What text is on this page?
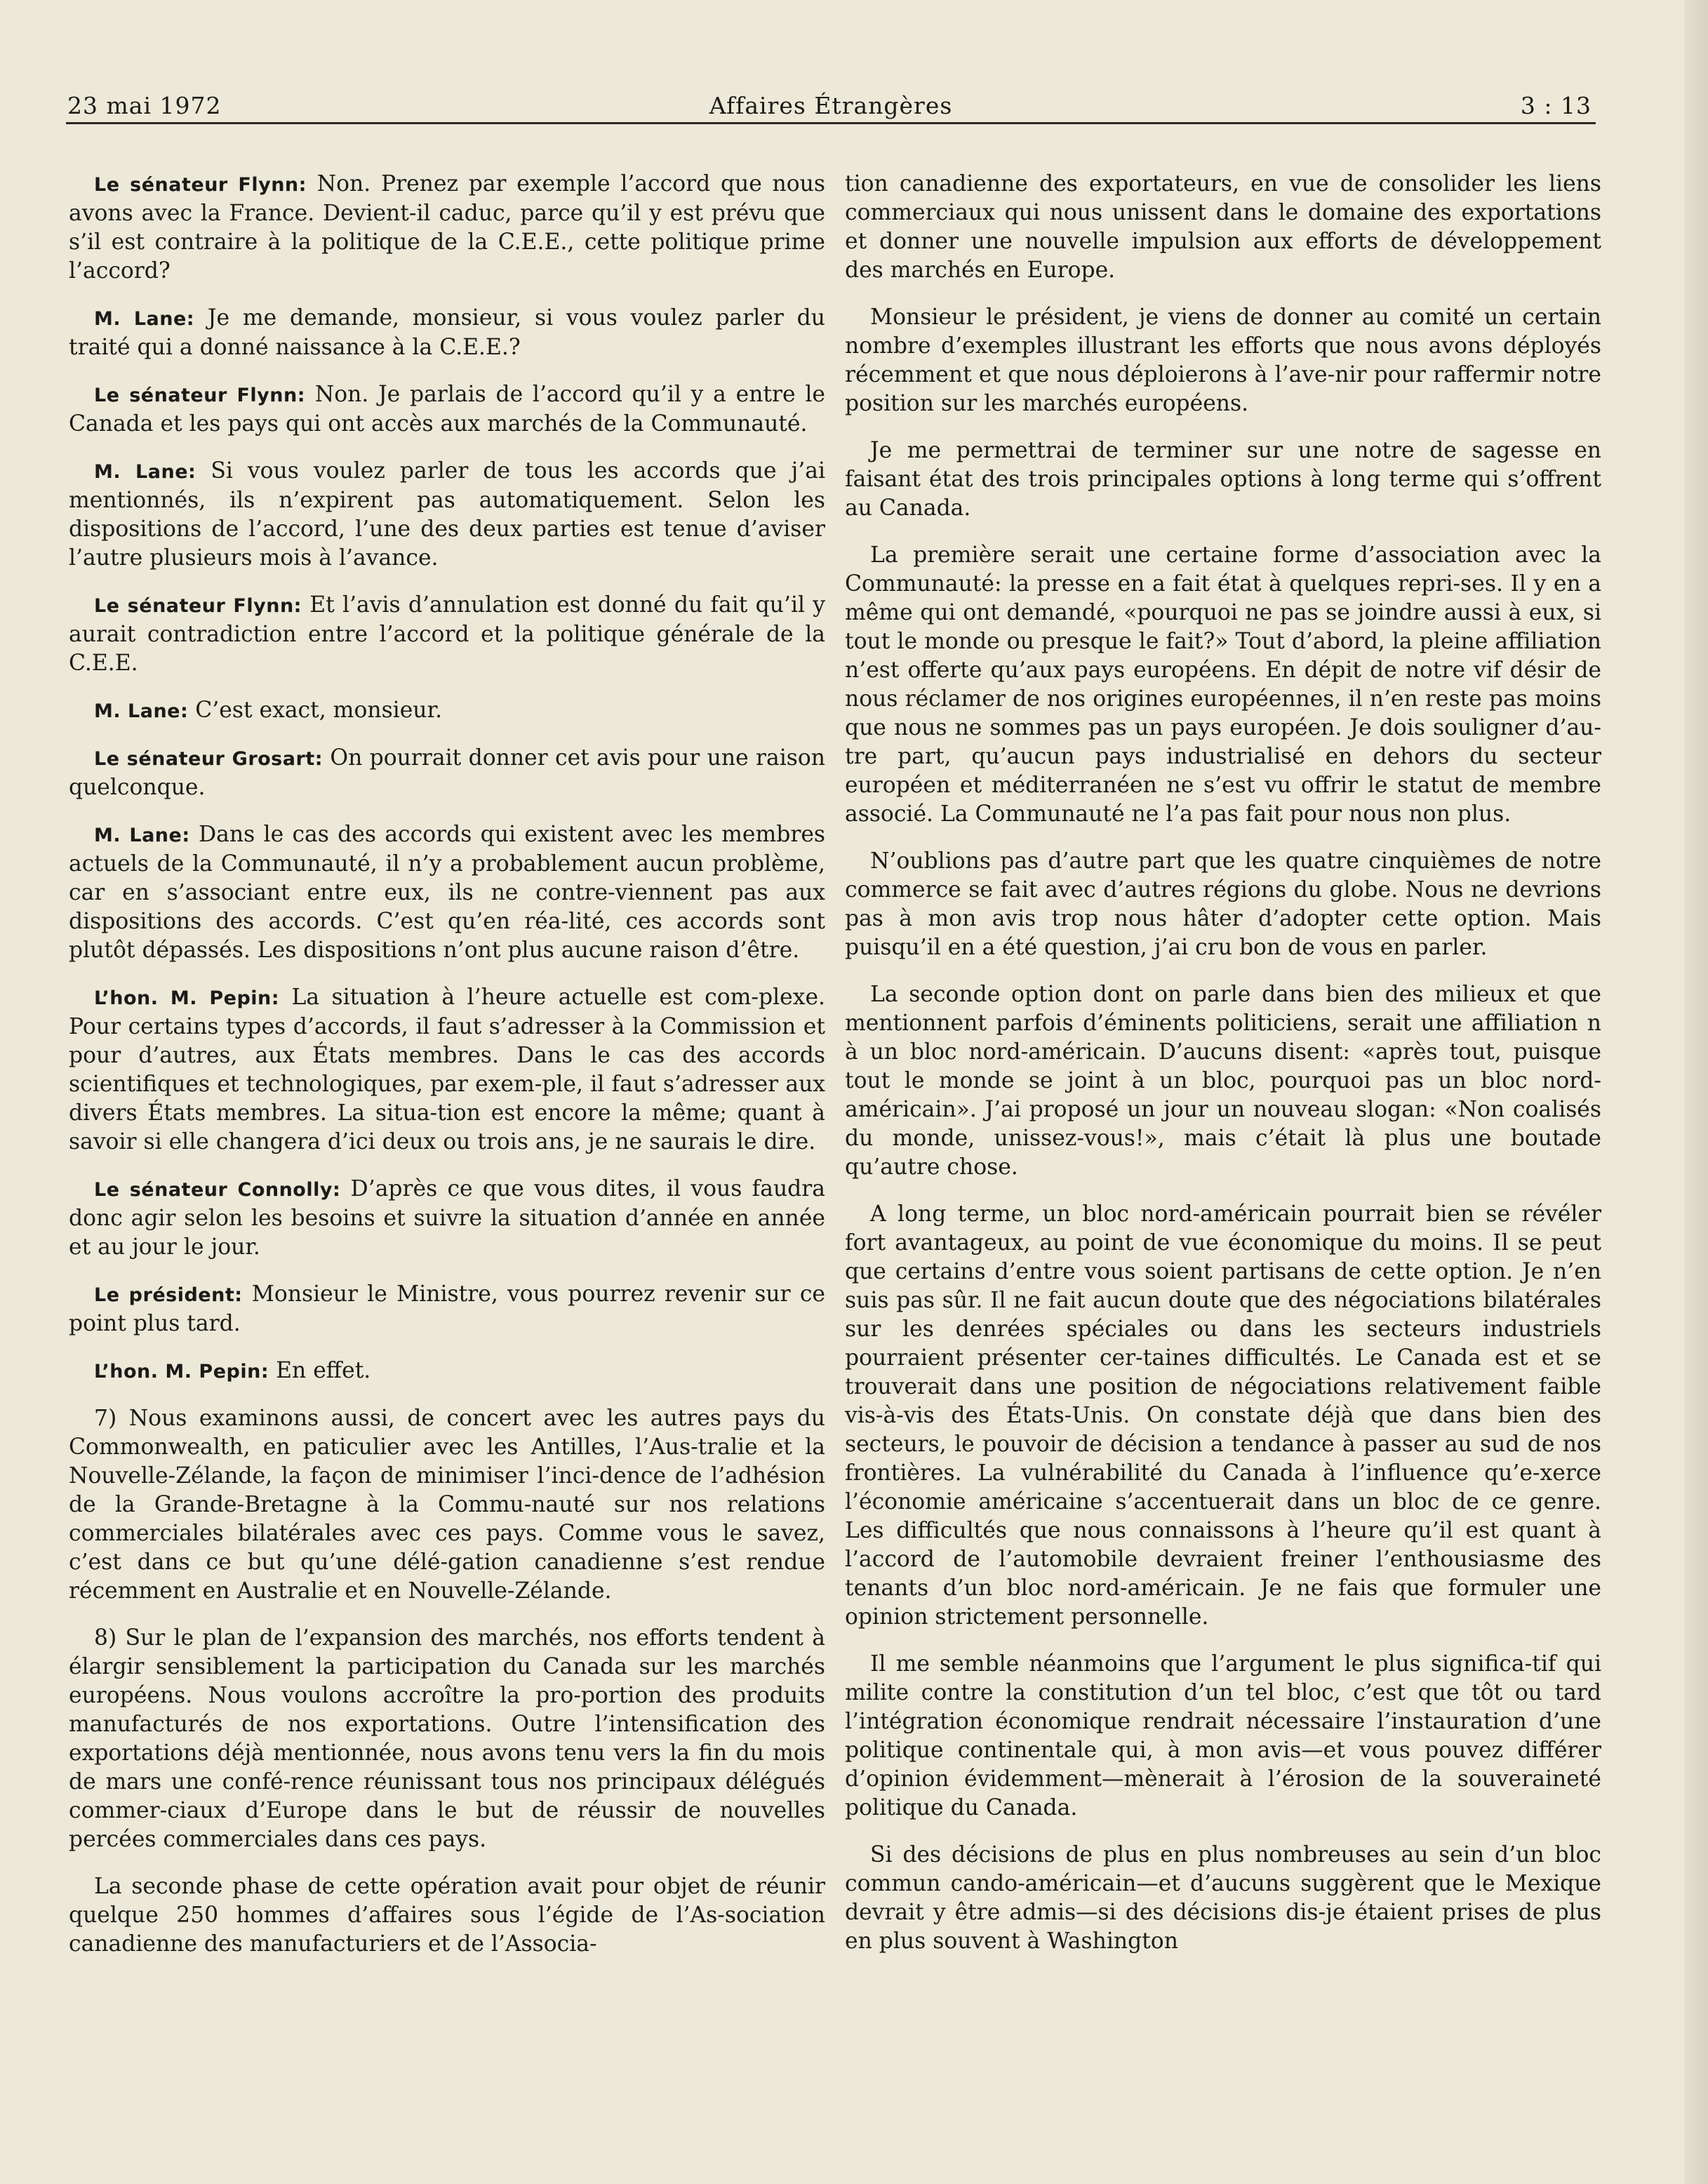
23 mai 1972	Affaires Étrangères	3 : 13

Le sénateur Flynn: Non. Prenez par exemple l’accord que nous avons avec la France. Devient-il caduc, parce qu’il y est prévu que s’il est contraire à la politique de la C.E.E., cette politique prime l’accord?

M. Lane: Je me demande, monsieur, si vous voulez parler du traité qui a donné naissance à la C.E.E.?

Le sénateur Flynn: Non. Je parlais de l’accord qu’il y a entre le Canada et les pays qui ont accès aux marchés de la Communauté.

M. Lane: Si vous voulez parler de tous les accords que j’ai mentionnés, ils n’expirent pas automatiquement. Selon les dispositions de l’accord, l’une des deux parties est tenue d’aviser l’autre plusieurs mois à l’avance.

Le sénateur Flynn: Et l’avis d’annulation est donné du fait qu’il y aurait contradiction entre l’accord et la politique générale de la C.E.E.

M. Lane: C’est exact, monsieur.

Le sénateur Grosart: On pourrait donner cet avis pour une raison quelconque.

M. Lane: Dans le cas des accords qui existent avec les membres actuels de la Communauté, il n’y a probablement aucun problème, car en s’associant entre eux, ils ne contre-viennent pas aux dispositions des accords. C’est qu’en réa-lité, ces accords sont plutôt dépassés. Les dispositions n’ont plus aucune raison d’être.

L’hon. M. Pepin: La situation à l’heure actuelle est com-plexe. Pour certains types d’accords, il faut s’adresser à la Commission et pour d’autres, aux États membres. Dans le cas des accords scientifiques et technologiques, par exem-ple, il faut s’adresser aux divers États membres. La situa-tion est encore la même; quant à savoir si elle changera d’ici deux ou trois ans, je ne saurais le dire.

Le sénateur Connolly: D’après ce que vous dites, il vous faudra donc agir selon les besoins et suivre la situation d’année en année et au jour le jour.

Le président: Monsieur le Ministre, vous pourrez revenir sur ce point plus tard.

L’hon. M. Pepin: En effet.

7) Nous examinons aussi, de concert avec les autres pays du Commonwealth, en paticulier avec les Antilles, l’Aus-tralie et la Nouvelle-Zélande, la façon de minimiser l’inci-dence de l’adhésion de la Grande-Bretagne à la Commu-nauté sur nos relations commerciales bilatérales avec ces pays. Comme vous le savez, c’est dans ce but qu’une délé-gation canadienne s’est rendue récemment en Australie et en Nouvelle-Zélande.

8) Sur le plan de l’expansion des marchés, nos efforts tendent à élargir sensiblement la participation du Canada sur les marchés européens. Nous voulons accroître la pro-portion des produits manufacturés de nos exportations. Outre l’intensification des exportations déjà mentionnée, nous avons tenu vers la fin du mois de mars une confé-rence réunissant tous nos principaux délégués commer-ciaux d’Europe dans le but de réussir de nouvelles percées commerciales dans ces pays.

La seconde phase de cette opération avait pour objet de réunir quelque 250 hommes d’affaires sous l’égide de l’As-sociation canadienne des manufacturiers et de l’Associa-

tion canadienne des exportateurs, en vue de consolider les liens commerciaux qui nous unissent dans le domaine des exportations et donner une nouvelle impulsion aux efforts de développement des marchés en Europe.

Monsieur le président, je viens de donner au comité un certain nombre d’exemples illustrant les efforts que nous avons déployés récemment et que nous déploierons à l’ave-nir pour raffermir notre position sur les marchés européens.

Je me permettrai de terminer sur une notre de sagesse en faisant état des trois principales options à long terme qui s’offrent au Canada.

La première serait une certaine forme d’association avec la Communauté: la presse en a fait état à quelques repri-ses. Il y en a même qui ont demandé, «pourquoi ne pas se joindre aussi à eux, si tout le monde ou presque le fait?» Tout d’abord, la pleine affiliation n’est offerte qu’aux pays européens. En dépit de notre vif désir de nous réclamer de nos origines européennes, il n’en reste pas moins que nous ne sommes pas un pays européen. Je dois souligner d’au-tre part, qu’aucun pays industrialisé en dehors du secteur européen et méditerranéen ne s’est vu offrir le statut de membre associé. La Communauté ne l’a pas fait pour nous non plus.

N’oublions pas d’autre part que les quatre cinquièmes de notre commerce se fait avec d’autres régions du globe. Nous ne devrions pas à mon avis trop nous hâter d’adopter cette option. Mais puisqu’il en a été question, j’ai cru bon de vous en parler.

La seconde option dont on parle dans bien des milieux et que mentionnent parfois d’éminents politiciens, serait une affiliation n à un bloc nord-américain. D’aucuns disent: «après tout, puisque tout le monde se joint à un bloc, pourquoi pas un bloc nord-américain». J’ai proposé un jour un nouveau slogan: «Non coalisés du monde, unissez-vous!», mais c’était là plus une boutade qu’autre chose.

A long terme, un bloc nord-américain pourrait bien se révéler fort avantageux, au point de vue économique du moins. Il se peut que certains d’entre vous soient partisans de cette option. Je n’en suis pas sûr. Il ne fait aucun doute que des négociations bilatérales sur les denrées spéciales ou dans les secteurs industriels pourraient présenter cer-taines difficultés. Le Canada est et se trouverait dans une position de négociations relativement faible vis-à-vis des États-Unis. On constate déjà que dans bien des secteurs, le pouvoir de décision a tendance à passer au sud de nos frontières. La vulnérabilité du Canada à l’influence qu’e-xerce l’économie américaine s’accentuerait dans un bloc de ce genre. Les difficultés que nous connaissons à l’heure qu’il est quant à l’accord de l’automobile devraient freiner l’enthousiasme des tenants d’un bloc nord-américain. Je ne fais que formuler une opinion strictement personnelle.

Il me semble néanmoins que l’argument le plus significa-tif qui milite contre la constitution d’un tel bloc, c’est que tôt ou tard l’intégration économique rendrait nécessaire l’instauration d’une politique continentale qui, à mon avis—et vous pouvez différer d’opinion évidemment—mènerait à l’érosion de la souveraineté politique du Canada.

Si des décisions de plus en plus nombreuses au sein d’un bloc commun cando-américain—et d’aucuns suggèrent que le Mexique devrait y être admis—si des décisions dis-je étaient prises de plus en plus souvent à Washington
